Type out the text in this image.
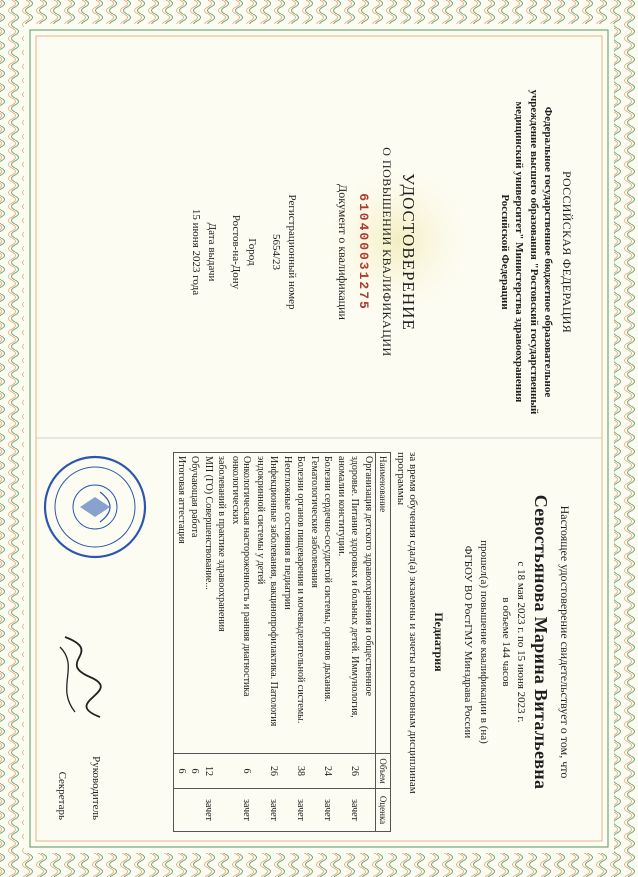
РОССИЙСКАЯ ФЕДЕРАЦИЯ
Федеральное государственное бюджетное образовательное учреждение высшего образования "Ростовский государственный медицинский университет" Министерства здравоохранения Российской Федерации
УДОСТОВЕРЕНИЕ
О ПОВЫШЕНИИ КВАЛИФИКАЦИИ
610400031275
Документ о квалификации
Регистрационный номер
5654/23
Город
Ростов-на-Дону
Дата выдачи
15 июня 2023 года
Настоящее удостоверение свидетельствует о том, что
Севостьянова Марина Витальевна
с 18 мая 2023 г. по 15 июня 2023 г.
в объеме 144 часов
прошел(а) повышение квалификации в (на)
ФГБОУ ВО РостГМУ Минздрава России
Педиатрия
за время обучения сдал(а) экзамены и зачеты по основным дисциплинам программы
Наименование	Объем	Оценка
Организация детского здравоохранения и общественное		
здоровье. Питание здоровых и больных детей. Иммунология,	26	зачет
аномалии конституции.		
Болезни сердечно-сосудистой системы, органов дыхания.	24	зачет
Гематологические заболевания		
Болезни органов пищеварения и мочевыделительной системы.	38	зачет
Неотложные состояния в педиатрии		
Инфекционные заболевания, вакцинопрофилактика. Патология	26	зачет
эндокринной системы у детей		
Онкологическая настороженность и ранняя диагностика онкологических	6	зачет
заболеваний в практике здравоохранения		
МП (ГО) Совершенствование...	12	зачет
Обучающая работа	6	
Итоговая аттестация	6	
Руководитель
Секретарь
